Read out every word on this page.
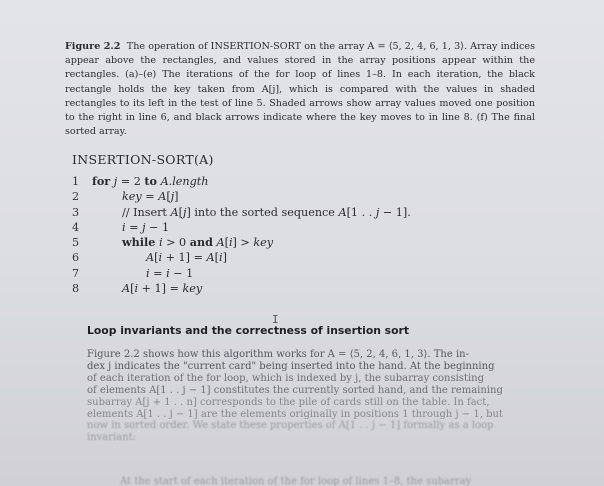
Figure 2.2 The operation of INSERTION-SORT on the array A = ⟨5, 2, 4, 6, 1, 3⟩. Array indices appear above the rectangles, and values stored in the array positions appear within the rectangles. (a)–(e) The iterations of the for loop of lines 1–8. In each iteration, the black rectangle holds the key taken from A[j], which is compared with the values in shaded rectangles to its left in the test of line 5. Shaded arrows show array values moved one position to the right in line 6, and black arrows indicate where the key moves to in line 8. (f) The final sorted array.
INSERTION-SORT(A)
1	for j = 2 to A.length
2	key = A[j]
3	// Insert A[j] into the sorted sequence A[1 . . j − 1].
4	i = j − 1
5	while i > 0 and A[i] > key
6	A[i + 1] = A[i]
7	i = i − 1
8	A[i + 1] = key
I
Loop invariants and the correctness of insertion sort
Figure 2.2 shows how this algorithm works for A = ⟨5, 2, 4, 6, 1, 3⟩. The in-
dex j indicates the "current card" being inserted into the hand. At the beginning
of each iteration of the for loop, which is indexed by j, the subarray consisting
of elements A[1 . . j − 1] constitutes the currently sorted hand, and the remaining
subarray A[j + 1 . . n] corresponds to the pile of cards still on the table. In fact,
elements A[1 . . j − 1] are the elements originally in positions 1 through j − 1, but
now in sorted order. We state these properties of A[1 . . j − 1] formally as a loop
invariant:
At the start of each iteration of the for loop of lines 1–8, the subarray
